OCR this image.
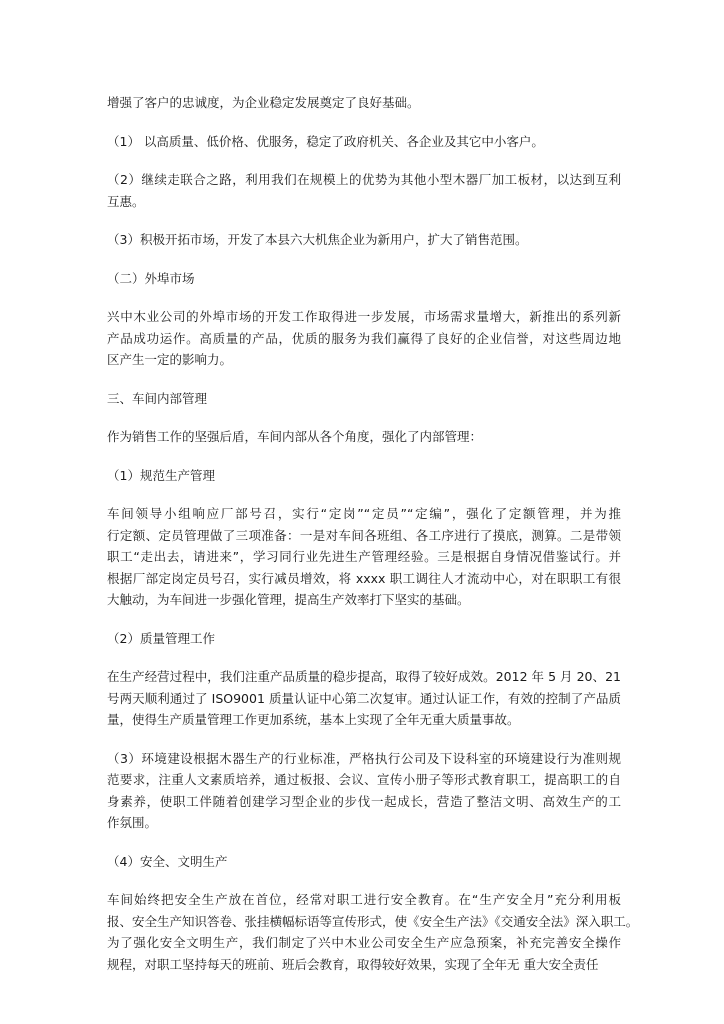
增强了客户的忠诚度，为企业稳定发展奠定了良好基础。

（1） 以高质量、低价格、优服务，稳定了政府机关、各企业及其它中小客户。

（2）继续走联合之路，利用我们在规模上的优势为其他小型木器厂加工板材，以达到互利
互惠。

（3）积极开拓市场，开发了本县六大机焦企业为新用户，扩大了销售范围。

（二）外埠市场

兴中木业公司的外埠市场的开发工作取得进一步发展，市场需求量增大，新推出的系列新
产品成功运作。高质量的产品，优质的服务为我们赢得了良好的企业信誉，对这些周边地
区产生一定的影响力。

三、车间内部管理

作为销售工作的坚强后盾，车间内部从各个角度，强化了内部管理：

（1）规范生产管理

车间领导小组响应厂部号召，实行“定岗”“定员”“定编”，强化了定额管理，并为推
行定额、定员管理做了三项准备：一是对车间各班组、各工序进行了摸底，测算。二是带领
职工“走出去，请进来”，学习同行业先进生产管理经验。三是根据自身情况借鉴试行。并
根据厂部定岗定员号召，实行减员增效，将 xxxx 职工调往人才流动中心，对在职职工有很
大触动，为车间进一步强化管理，提高生产效率打下坚实的基础。

（2）质量管理工作

在生产经营过程中，我们注重产品质量的稳步提高，取得了较好成效。2012 年 5 月 20、21
号两天顺利通过了 ISO9001 质量认证中心第二次复审。通过认证工作，有效的控制了产品质
量，使得生产质量管理工作更加系统，基本上实现了全年无重大质量事故。

（3）环境建设根据木器生产的行业标准，严格执行公司及下设科室的环境建设行为准则规
范要求，注重人文素质培养，通过板报、会议、宣传小册子等形式教育职工，提高职工的自
身素养，使职工伴随着创建学习型企业的步伐一起成长，营造了整洁文明、高效生产的工
作氛围。

（4）安全、文明生产

车间始终把安全生产放在首位，经常对职工进行安全教育。在“生产安全月”充分利用板
报、安全生产知识答卷、张挂横幅标语等宣传形式，使《安全生产法》《交通安全法》深入职工。
为了强化安全文明生产，我们制定了兴中木业公司安全生产应急预案，补充完善安全操作
规程，对职工坚持每天的班前、班后会教育，取得较好效果，实现了全年无 重大安全责任
